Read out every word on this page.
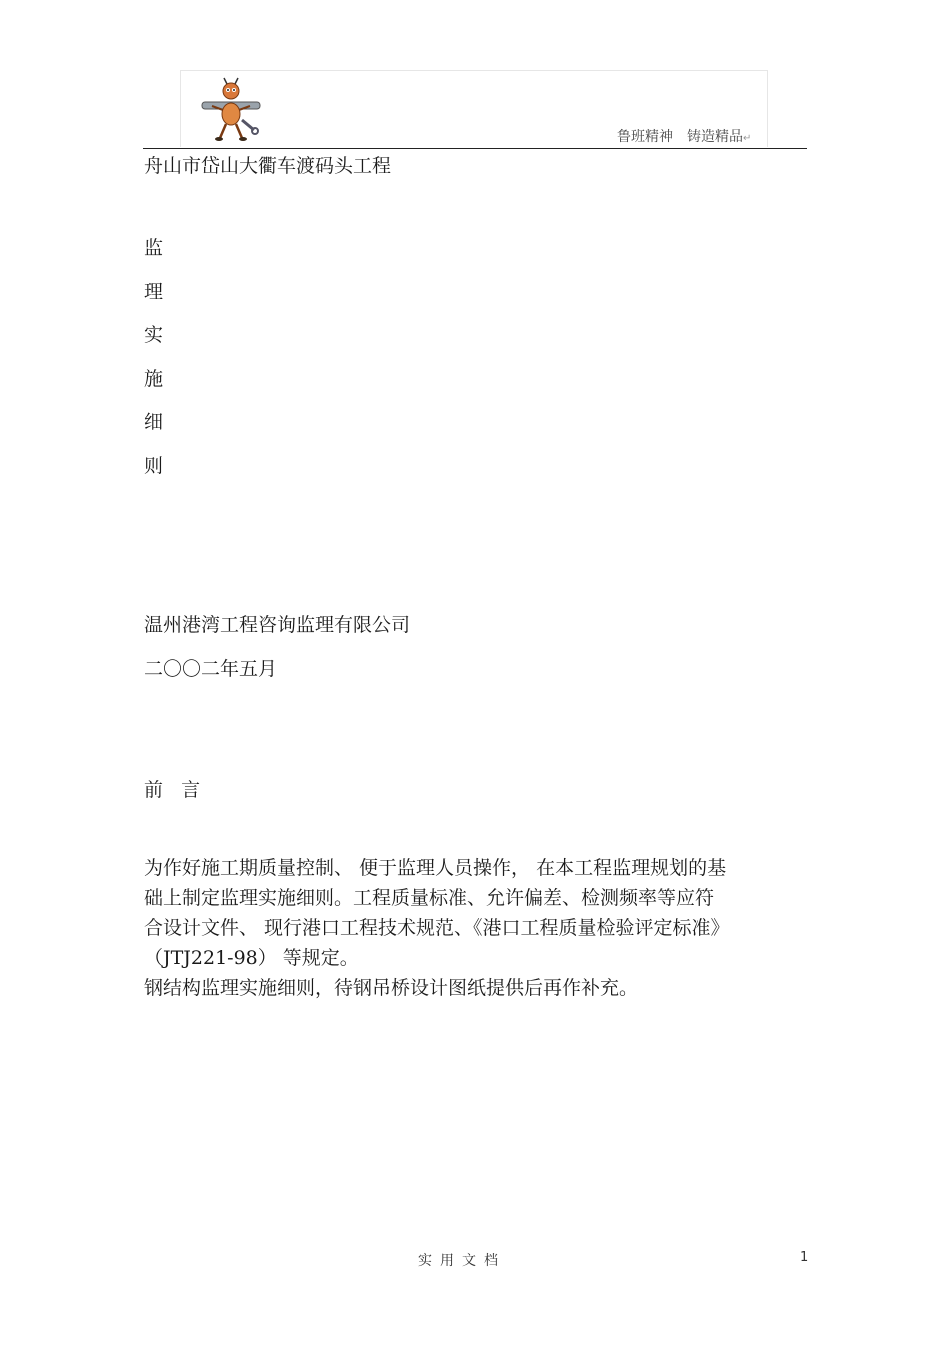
鲁班精神 铸造精品↵
舟山市岱山大衢车渡码头工程
监
理
实
施
细
则
温州港湾工程咨询监理有限公司
二〇〇二年五月
前   言
为作好施工期质量控制、 便于监理人员操作， 在本工程监理规划的基
础上制定监理实施细则。工程质量标准、允许偏差、检测频率等应符
合设计文件、 现行港口工程技术规范、《港口工程质量检验评定标准》
（JTJ221-98） 等规定。
钢结构监理实施细则，待钢吊桥设计图纸提供后再作补充。
实用文档	1
